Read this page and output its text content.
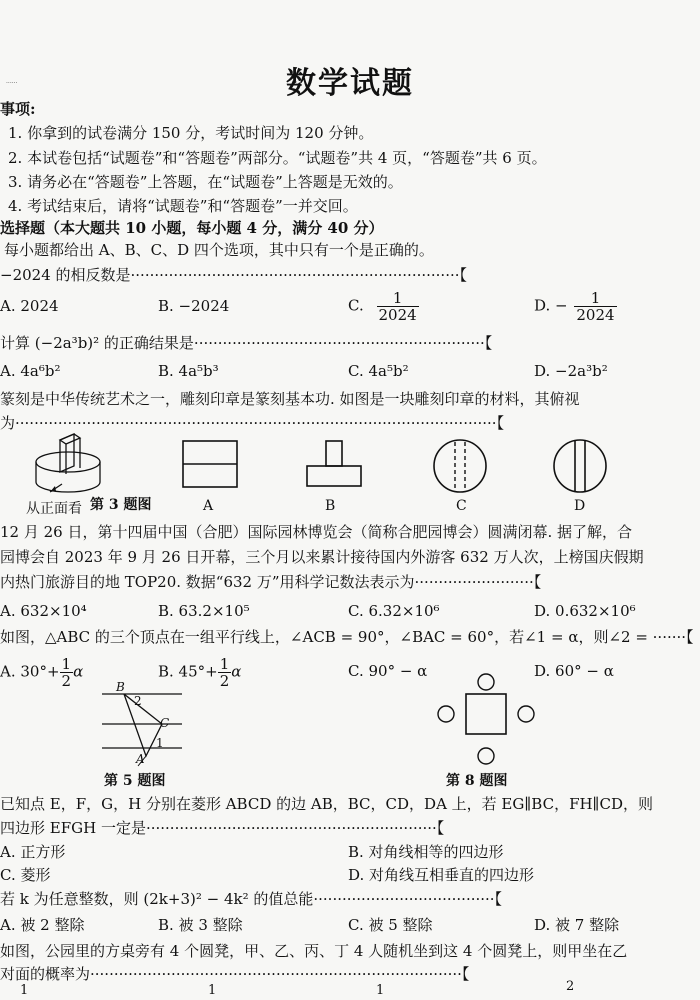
数学试题
......
事项:
1. 你拿到的试卷满分 150 分，考试时间为 120 分钟。
2. 本试卷包括“试题卷”和“答题卷”两部分。“试题卷”共 4 页，“答题卷”共 6 页。
3. 请务必在“答题卷”上答题，在“试题卷”上答题是无效的。
4. 考试结束后，请将“试题卷”和“答题卷”一并交回。
选择题（本大题共 10 小题，每小题 4 分，满分 40 分）
每小题都给出 A、B、C、D 四个选项，其中只有一个是正确的。
−2024 的相反数是·····································································【
A. 2024	B. −2024	C. $\frac{1}{2024}$	D. − $\frac{1}{2024}$
计算 (−2a³b)² 的正确结果是·····························································【
A. 4a⁶b²	B. 4a⁵b³	C. 4a⁵b²	D. −2a³b²
篆刻是中华传统艺术之一，雕刻印章是篆刻基本功. 如图是一块雕刻印章的材料，其俯视
为·····································································································【
从正面看 第 3 题图	A	B	C	D
12 月 26 日，第十四届中国（合肥）国际园林博览会（简称合肥园博会）圆满闭幕. 据了解，合
园博会自 2023 年 9 月 26 日开幕，三个月以来累计接待国内外游客 632 万人次，上榜国庆假期
内热门旅游目的地 TOP20. 数据“632 万”用科学记数法表示为·························【
A. 632×10⁴	B. 63.2×10⁵	C. 6.32×10⁶	D. 0.632×10⁶
如图，△ABC 的三个顶点在一组平行线上，∠ACB = 90°，∠BAC = 60°，若∠1 = α，则∠2 = ·······【
A. $30^\circ+ \frac{1}{2}$ α	B. $45^\circ+ \frac{1}{2}$ α	C. 90° − α	D. 60° − α
B
2
C
1
A
第 5 题图	第 8 题图
已知点 E，F，G，H 分别在菱形 ABCD 的边 AB，BC，CD，DA 上，若 EG∥BC，FH∥CD，则
四边形 EFGH 一定是·····························································【
A. 正方形	B. 对角线相等的四边形
C. 菱形	D. 对角线互相垂直的四边形
若 k 为任意整数，则 (2k+3)² − 4k² 的值总能······································【
A. 被 2 整除	B. 被 3 整除	C. 被 5 整除	D. 被 7 整除
如图，公园里的方桌旁有 4 个圆凳，甲、乙、丙、丁 4 人随机坐到这 4 个圆凳上，则甲坐在乙
对面的概率为··············································································【
1	1	1	2
